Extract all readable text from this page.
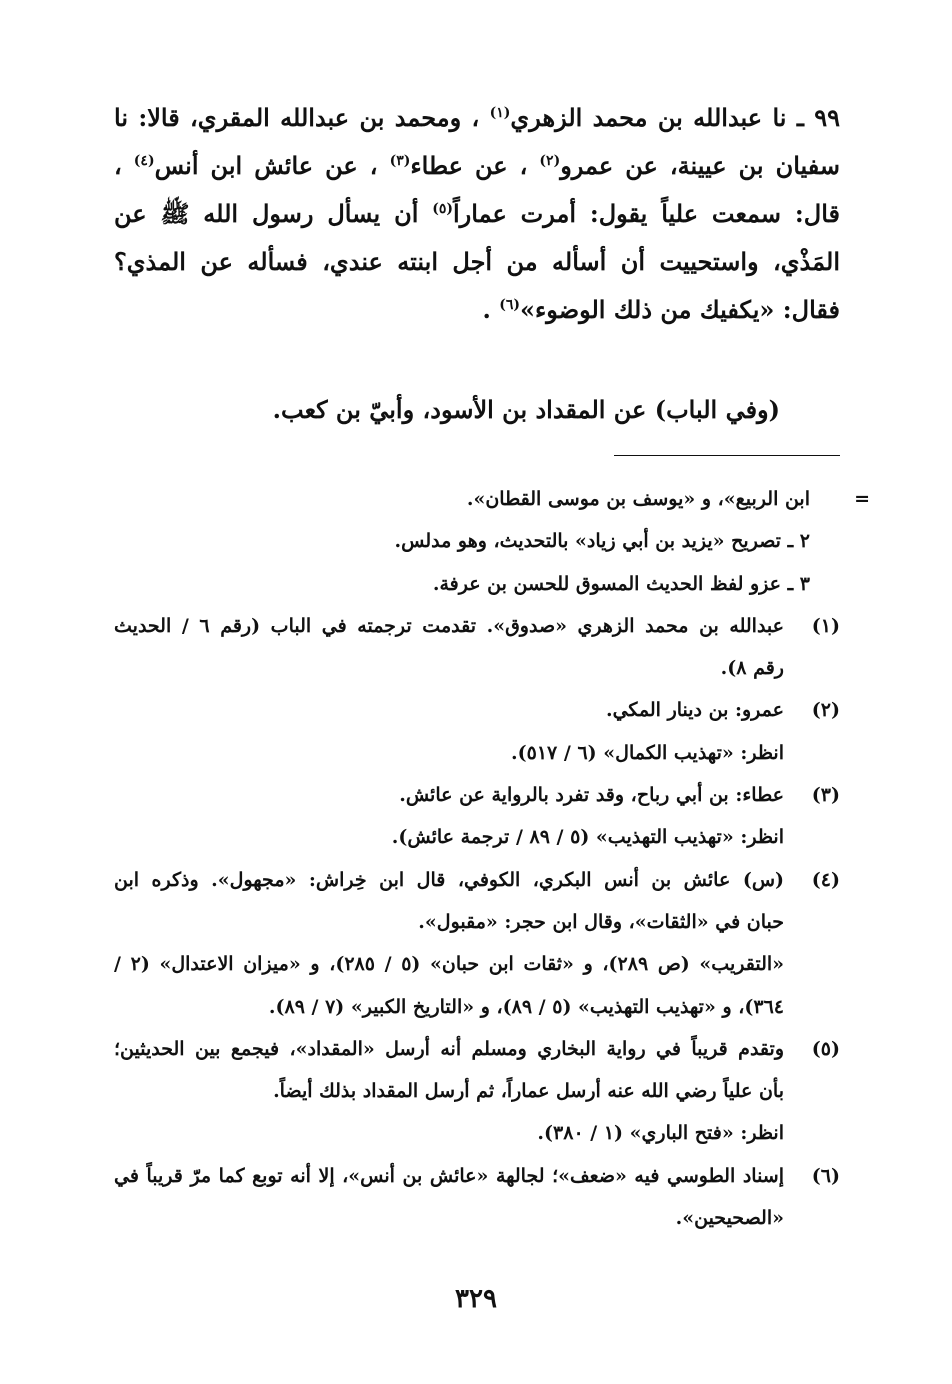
٩٩ ـ نا عبدالله بن محمد الزهري$^{(١)}$ ، ومحمد بن عبدالله المقري، قالا: نا سفيان بن عيينة، عن عمرو$^{(٢)}$ ، عن عطاء$^{(٣)}$ ، عن عائش ابن أنس$^{(٤)}$ ، قال: سمعت علياً يقول: أمرت عماراً$^{(٥)}$ أن يسأل رسول الله ﷺ عن المَذْي، واستحييت أن أسأله من أجل ابنته عندي، فسأله عن المذي؟ فقال: «يكفيك من ذلك الوضوء»$^{(٦)}$ .

(وفي الباب) عن المقداد بن الأسود، وأبيّ بن كعب.

=
ابن الربيع»، و «يوسف بن موسى القطان».
٢ ـ تصريح «يزيد بن أبي زياد» بالتحديث، وهو مدلس.
٣ ـ عزو لفظ الحديث المسوق للحسن بن عرفة.
(١)عبدالله بن محمد الزهري «صدوق». تقدمت ترجمته في الباب (رقم ٦ / الحديث
رقم ٨).
(٢)عمرو: بن دينار المكي.
انظر: «تهذيب الكمال» (٦ / ٥١٧).
(٣)عطاء: بن أبي رباح، وقد تفرد بالرواية عن عائش.
انظر: «تهذيب التهذيب» (٥ / ٨٩ / ترجمة عائش).
(٤)(س) عائش بن أنس البكري، الكوفي، قال ابن خِراش: «مجهول». وذكره ابن
حبان في «الثقات»، وقال ابن حجر: «مقبول».
«التقريب» (ص ٢٨٩)، و «ثقات ابن حبان» (٥ / ٢٨٥)، و «ميزان الاعتدال» (٢ /
٣٦٤)، و «تهذيب التهذيب» (٥ / ٨٩)، و «التاريخ الكبير» (٧ / ٨٩).
(٥)وتقدم قريباً في رواية البخاري ومسلم أنه أرسل «المقداد»، فيجمع بين الحديثين؛
بأن علياً رضي الله عنه أرسل عماراً، ثم أرسل المقداد بذلك أيضاً.
انظر: «فتح الباري» (١ / ٣٨٠).
(٦)إسناد الطوسي فيه «ضعف»؛ لجالهة «عائش بن أنس»، إلا أنه توبع كما مرّ قريباً في
«الصحيحين».
٣٢٩
